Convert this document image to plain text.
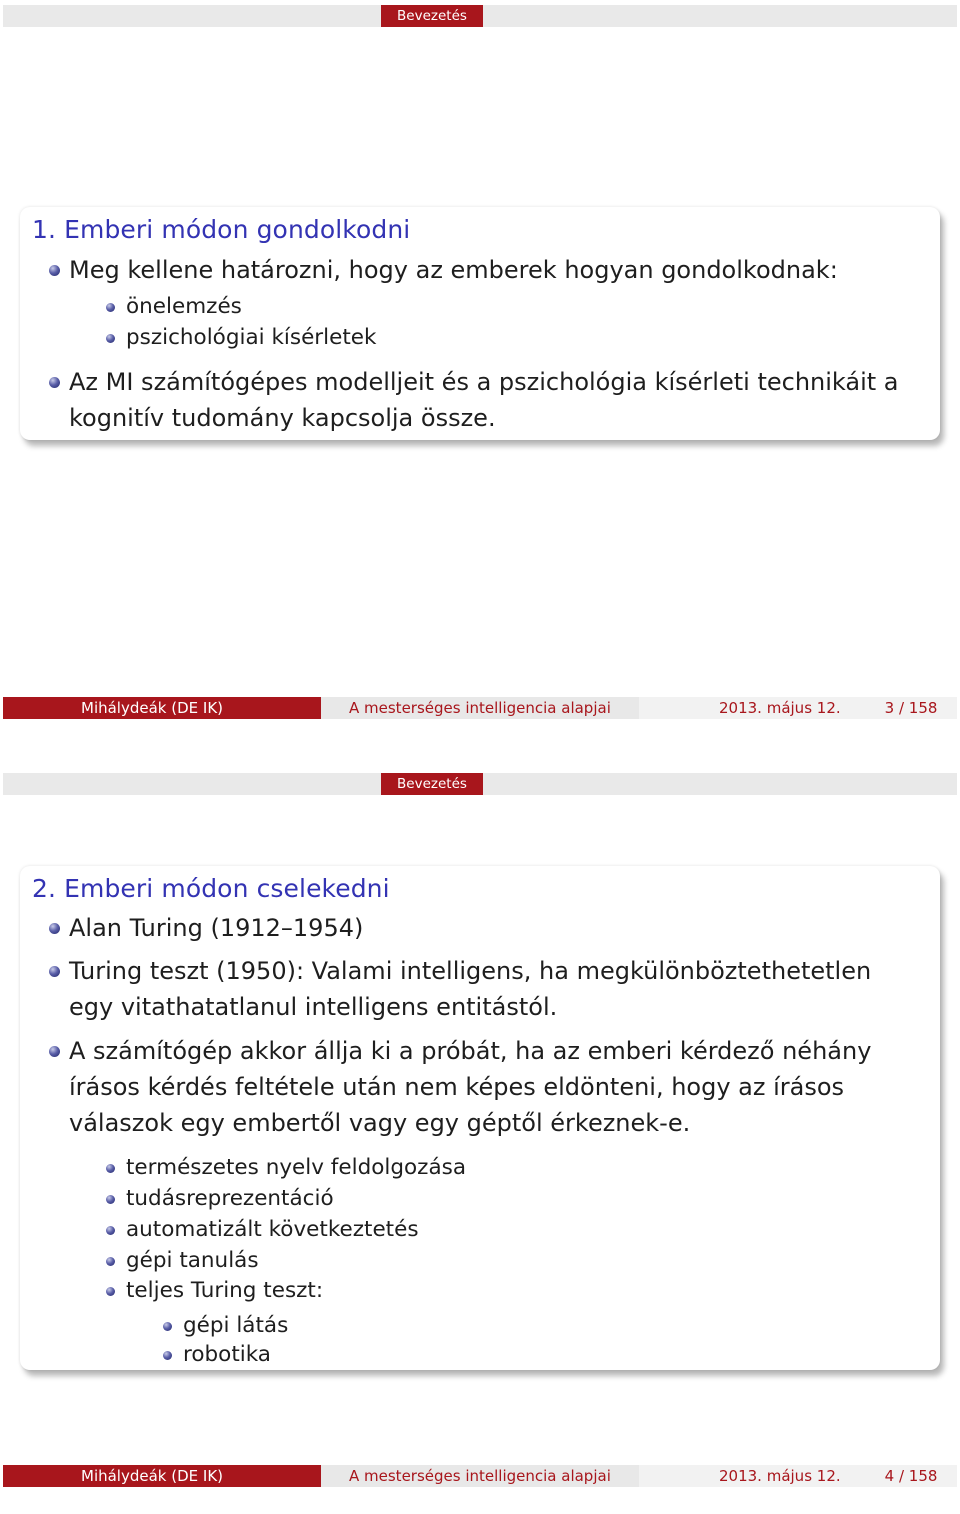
Bevezetés
1. Emberi módon gondolkodni
Meg kellene határozni, hogy az emberek hogyan gondolkodnak:
önelemzés
pszichológiai kísérletek
Az MI számítógépes modelljeit és a pszichológia kísérleti technikáit a
kognitív tudomány kapcsolja össze.
Mihálydeák (DE IK)	A mesterséges intelligencia alapjai	2013. május 12.	3 / 158
Bevezetés
2. Emberi módon cselekedni
Alan Turing (1912–1954)
Turing teszt (1950): Valami intelligens, ha megkülönböztethetetlen
egy vitathatatlanul intelligens entitástól.
A számítógép akkor állja ki a próbát, ha az emberi kérdező néhány
írásos kérdés feltétele után nem képes eldönteni, hogy az írásos
válaszok egy embertől vagy egy géptől érkeznek-e.
természetes nyelv feldolgozása
tudásreprezentáció
automatizált következtetés
gépi tanulás
teljes Turing teszt:
gépi látás
robotika
Mihálydeák (DE IK)	A mesterséges intelligencia alapjai	2013. május 12.	4 / 158
